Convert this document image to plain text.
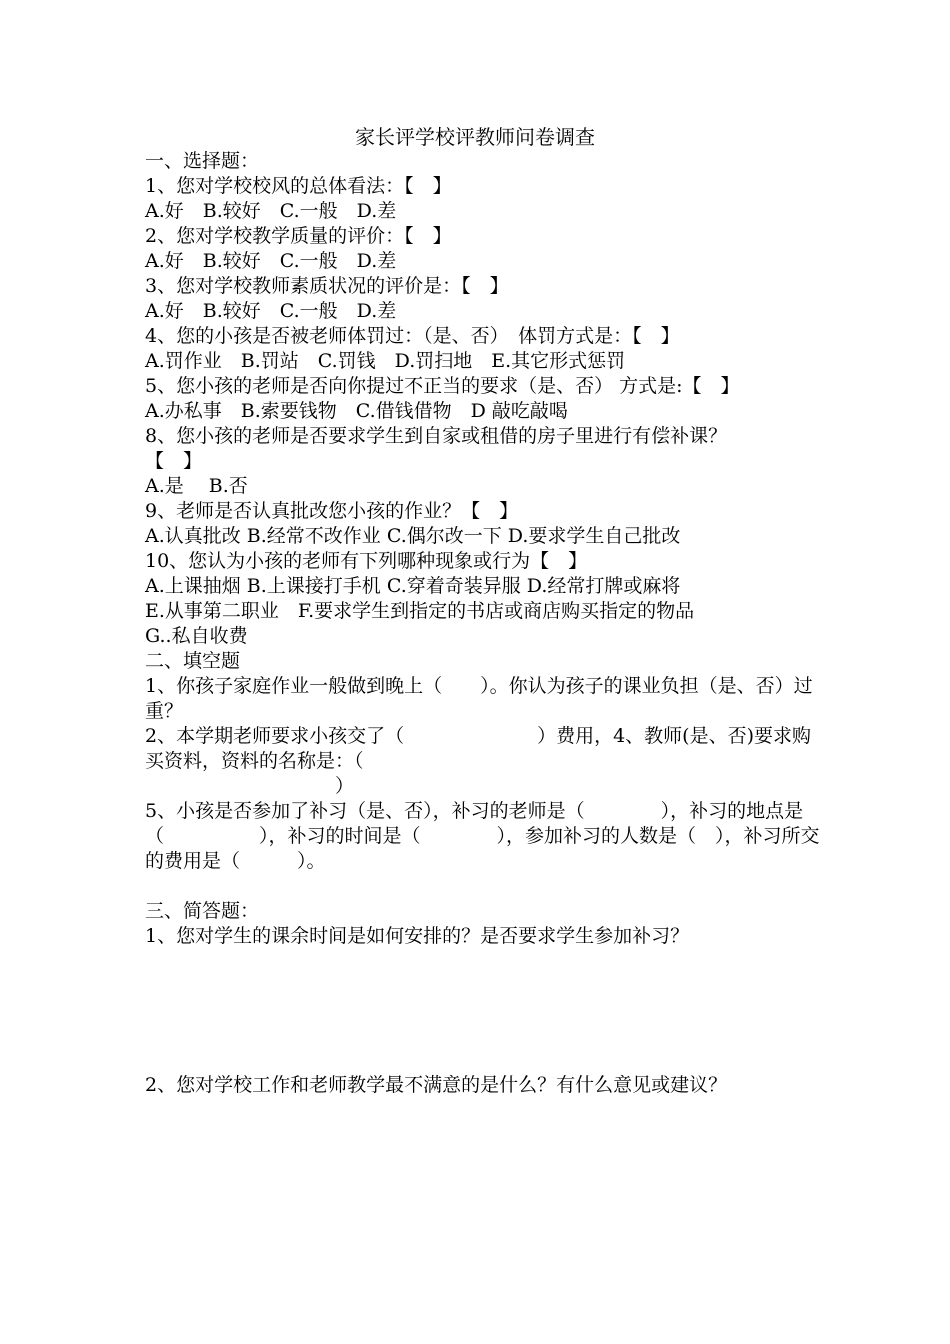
家长评学校评教师问卷调查
一、选择题：
1、您对学校校风的总体看法：【　】
A.好　B.较好　C.一般　D.差
2、您对学校教学质量的评价：【　】
A.好　B.较好　C.一般　D.差
3、您对学校教师素质状况的评价是：【　】
A.好　B.较好　C.一般　D.差
4、您的小孩是否被老师体罚过：（是、否）　体罚方式是：【　】
A.罚作业　B.罚站　C.罚钱　D.罚扫地　E.其它形式惩罚
5、您小孩的老师是否向你提过不正当的要求（是、否） 方式是:【　】
A.办私事　B.索要钱物　C.借钱借物　D 敲吃敲喝
8、您小孩的老师是否要求学生到自家或租借的房子里进行有偿补课？
【　】
A.是　 B.否
9、老师是否认真批改您小孩的作业？【　】
A.认真批改 B.经常不改作业 C.偶尔改一下 D.要求学生自己批改
10、您认为小孩的老师有下列哪种现象或行为【　】
A.上课抽烟 B.上课接打手机 C.穿着奇装异服 D.经常打牌或麻将
E.从事第二职业　F.要求学生到指定的书店或商店购买指定的物品
G..私自收费
二、填空题
1、你孩子家庭作业一般做到晚上（　　）。你认为孩子的课业负担（是、否）过重？
2、本学期老师要求小孩交了（　　　　　　　）费用，4、教师(是、否)要求购买资料，资料的名称是：（
　　　　　　　　　　）
5、小孩是否参加了补习（是、否），补习的老师是（　　　　），补习的地点是（　　　　　），补习的时间是（　　　　），参加补习的人数是（　），补习所交的费用是（　　　）。
三、简答题：
1、您对学生的课余时间是如何安排的？是否要求学生参加补习？
2、您对学校工作和老师教学最不满意的是什么？有什么意见或建议？
